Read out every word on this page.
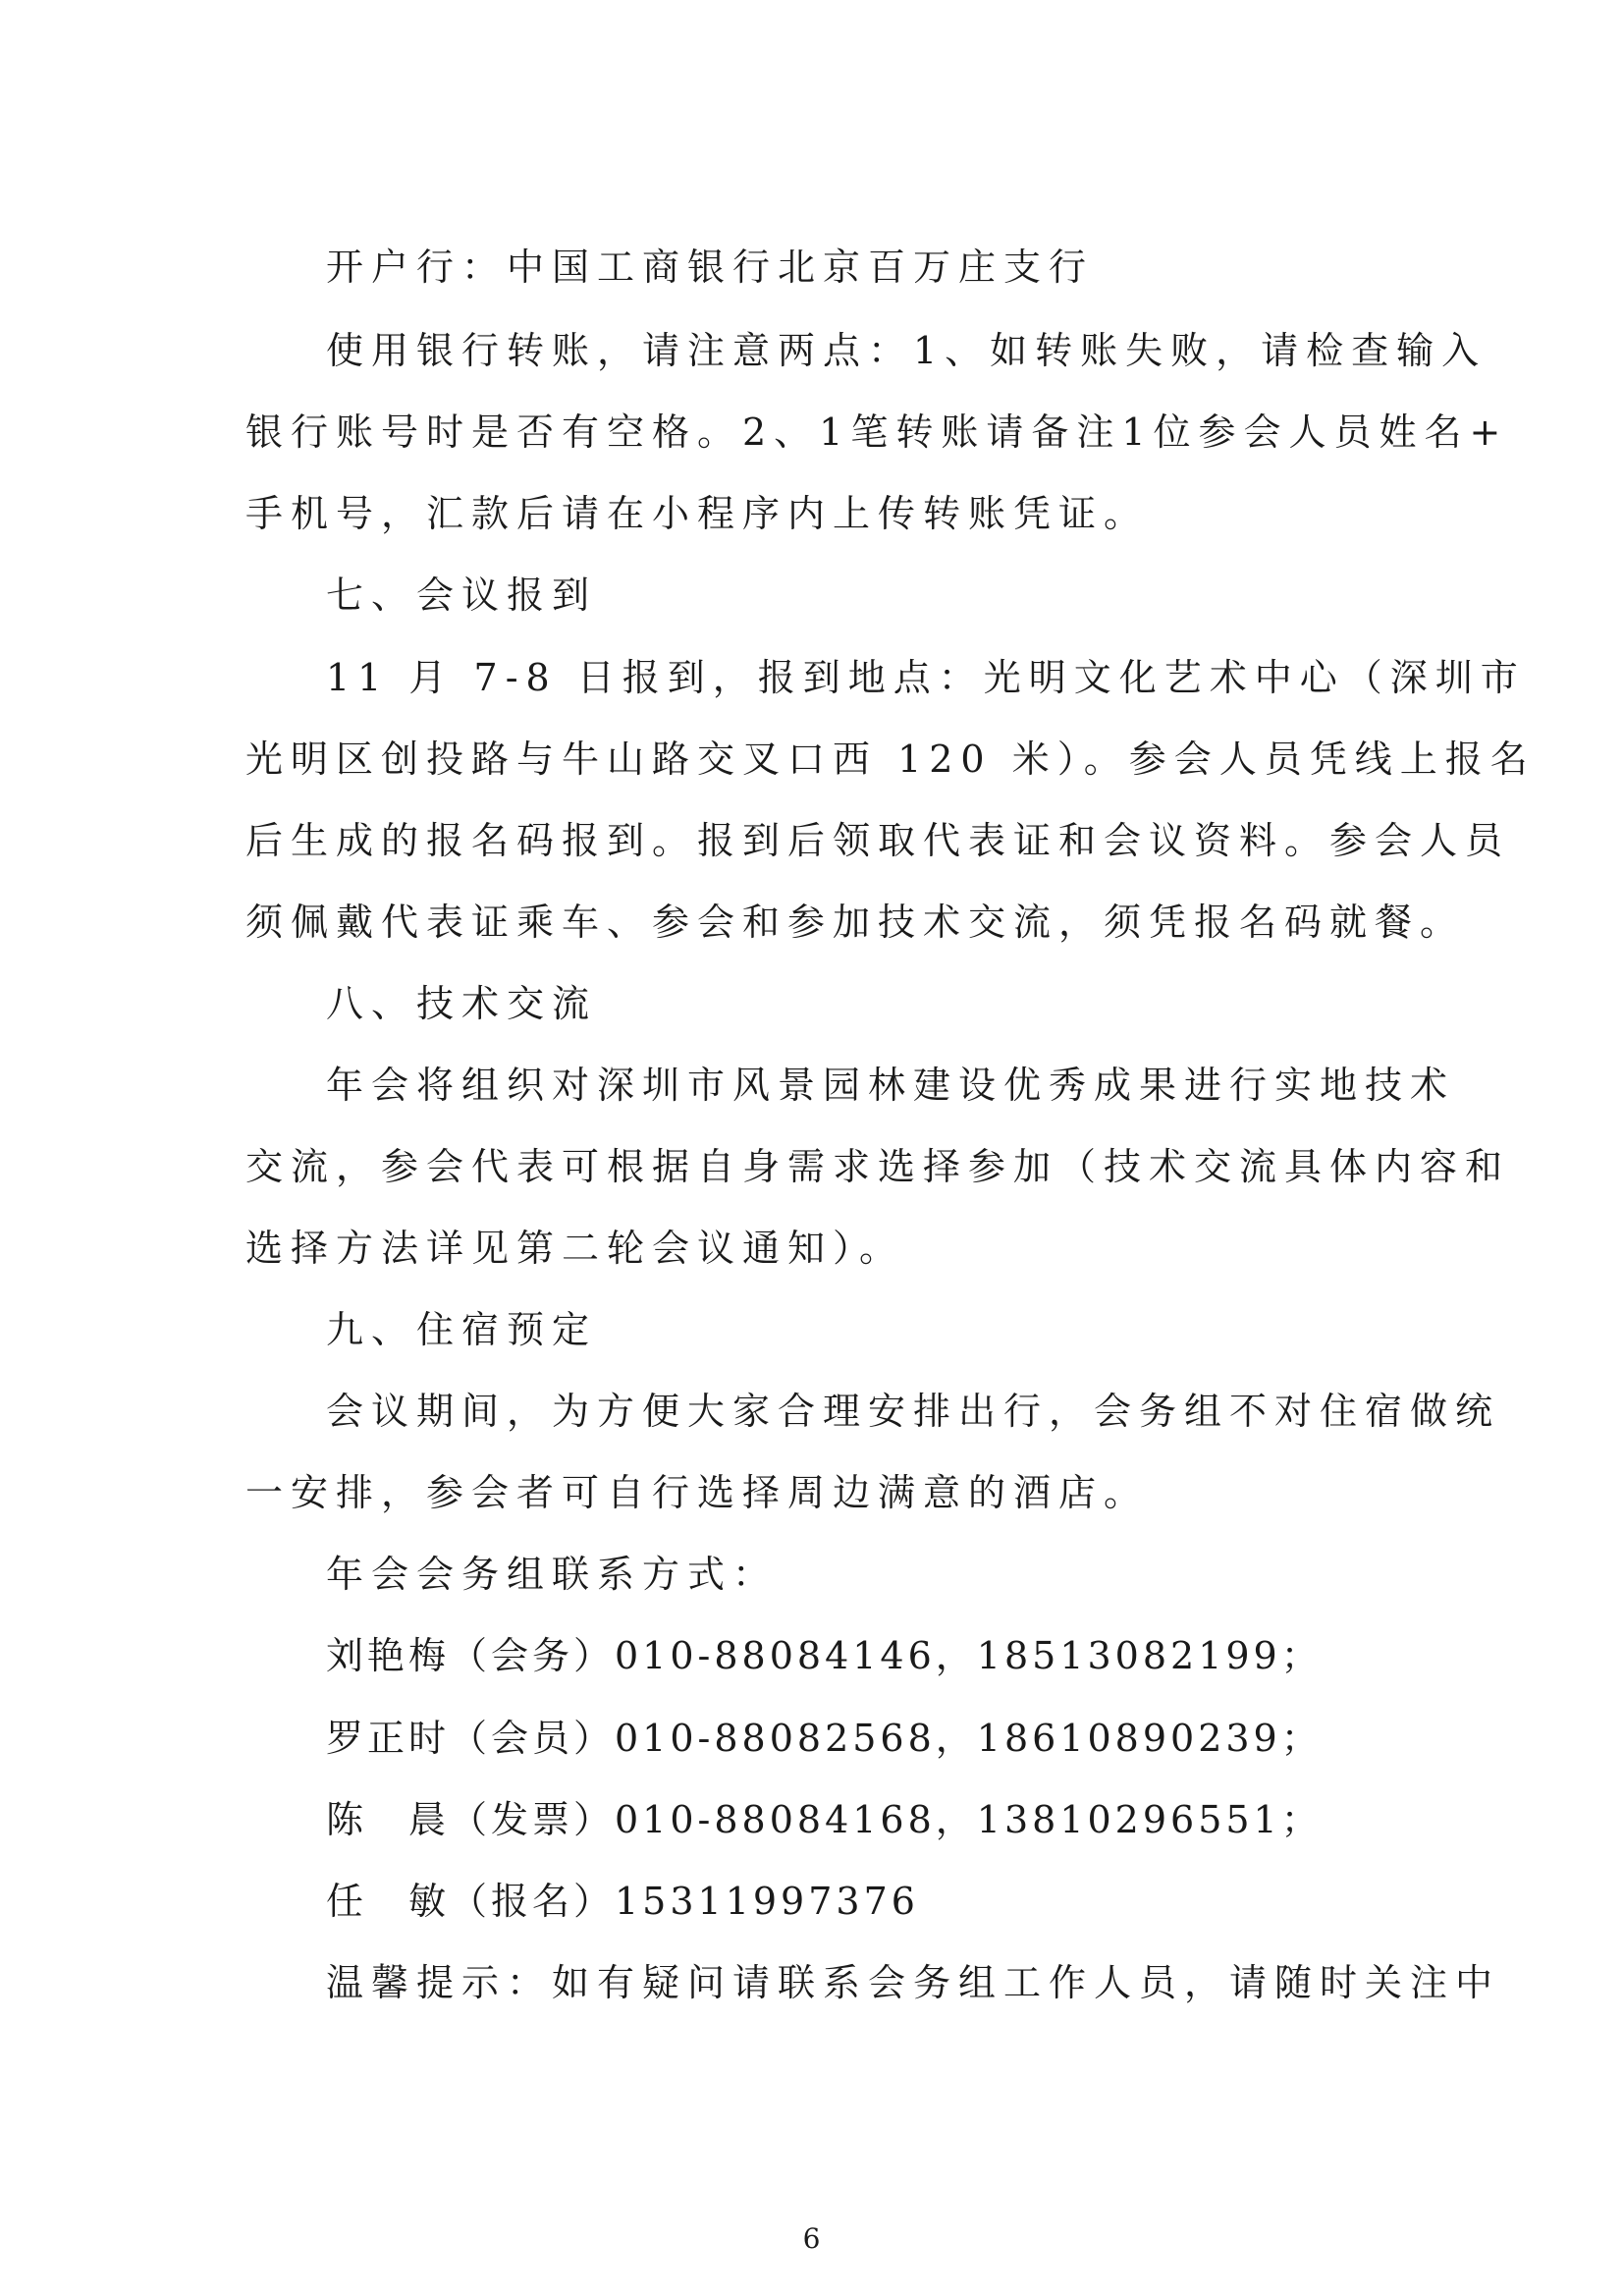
开户行：中国工商银行北京百万庄支行

使用银行转账，请注意两点：1、如转账失败，请检查输入

银行账号时是否有空格。2、1笔转账请备注1位参会人员姓名+

手机号，汇款后请在小程序内上传转账凭证。

七、会议报到

11 月 7-8 日报到，报到地点：光明文化艺术中心（深圳市

光明区创投路与牛山路交叉口西 120 米）。参会人员凭线上报名

后生成的报名码报到。报到后领取代表证和会议资料。参会人员

须佩戴代表证乘车、参会和参加技术交流，须凭报名码就餐。

八、技术交流

年会将组织对深圳市风景园林建设优秀成果进行实地技术

交流，参会代表可根据自身需求选择参加（技术交流具体内容和

选择方法详见第二轮会议通知）。

九、住宿预定

会议期间，为方便大家合理安排出行，会务组不对住宿做统

一安排，参会者可自行选择周边满意的酒店。

年会会务组联系方式：

刘艳梅（会务）010-88084146，18513082199；

罗正时（会员）010-88082568，18610890239；

陈　晨（发票）010-88084168，13810296551；

任　敏（报名）15311997376

温馨提示：如有疑问请联系会务组工作人员，请随时关注中

6
